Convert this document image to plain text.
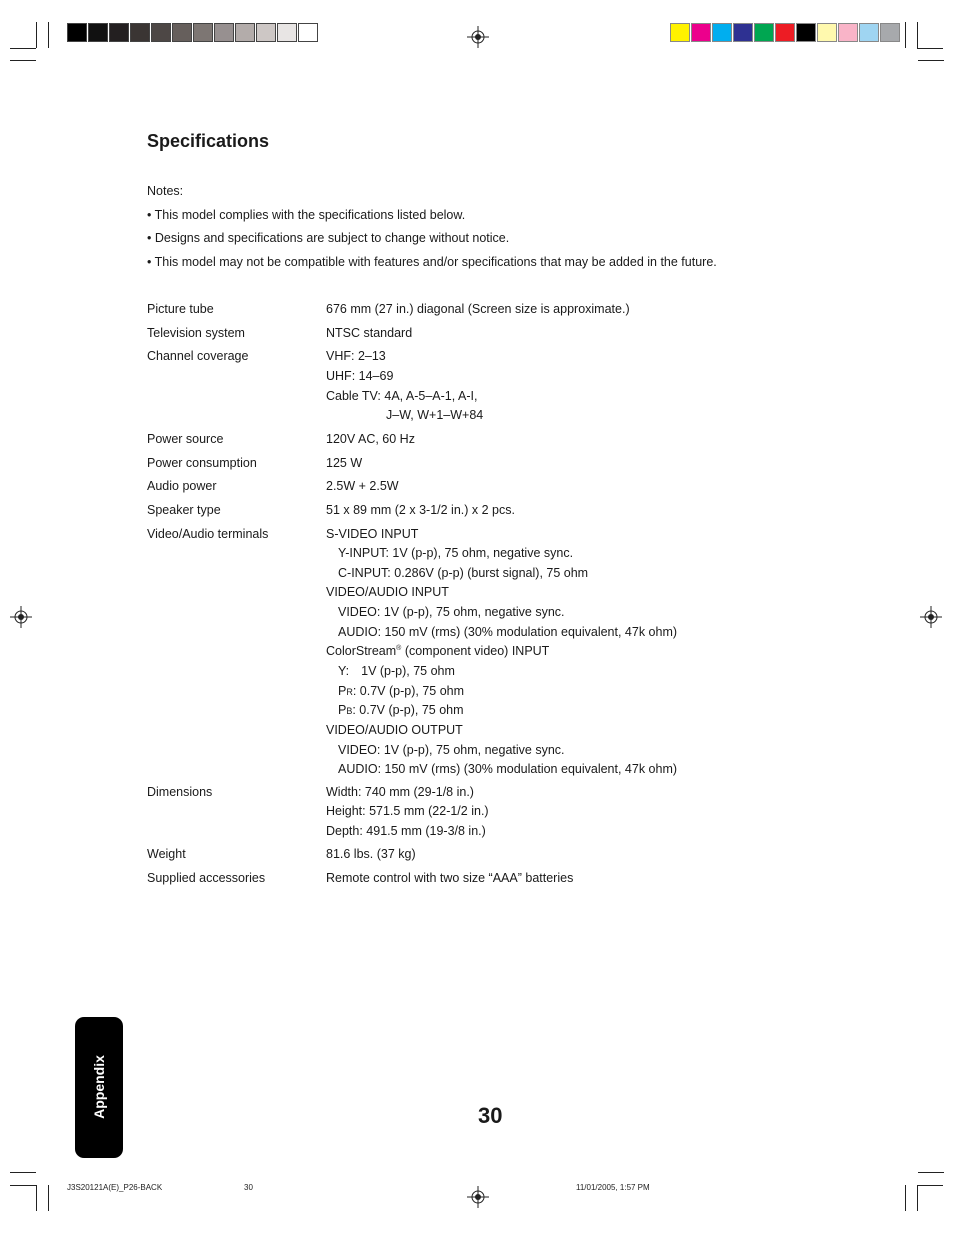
Specifications
Notes:
• This model complies with the specifications listed below.
• Designs and specifications are subject to change without notice.
• This model may not be compatible with features and/or specifications that may be added in the future.
Picture tube	676 mm (27 in.) diagonal (Screen size is approximate.)
Television system	NTSC standard
Channel coverage	VHF: 2–13
UHF: 14–69
Cable TV: 4A, A-5–A-1, A-I,
J–W, W+1–W+84
Power source	120V AC, 60 Hz
Power consumption	125 W
Audio power	2.5W + 2.5W
Speaker type	51 x 89 mm (2 x 3-1/2 in.) x 2 pcs.
Video/Audio terminals	S-VIDEO INPUT
Y-INPUT: 1V (p-p), 75 ohm, negative sync.
C-INPUT: 0.286V (p-p) (burst signal), 75 ohm
VIDEO/AUDIO INPUT
VIDEO: 1V (p-p), 75 ohm, negative sync.
AUDIO: 150 mV (rms) (30% modulation equivalent, 47k ohm)
ColorStream® (component video) INPUT
Y: 1V (p-p), 75 ohm
PR: 0.7V (p-p), 75 ohm
PB: 0.7V (p-p), 75 ohm
VIDEO/AUDIO OUTPUT
VIDEO: 1V (p-p), 75 ohm, negative sync.
AUDIO: 150 mV (rms) (30% modulation equivalent, 47k ohm)
Dimensions	Width: 740 mm (29-1/8 in.)
Height: 571.5 mm (22-1/2 in.)
Depth: 491.5 mm (19-3/8 in.)
Weight	81.6 lbs. (37 kg)
Supplied accessories	Remote control with two size “AAA” batteries
Appendix	30
J3S20121A(E)_P26-BACK	30	11/01/2005, 1:57 PM
